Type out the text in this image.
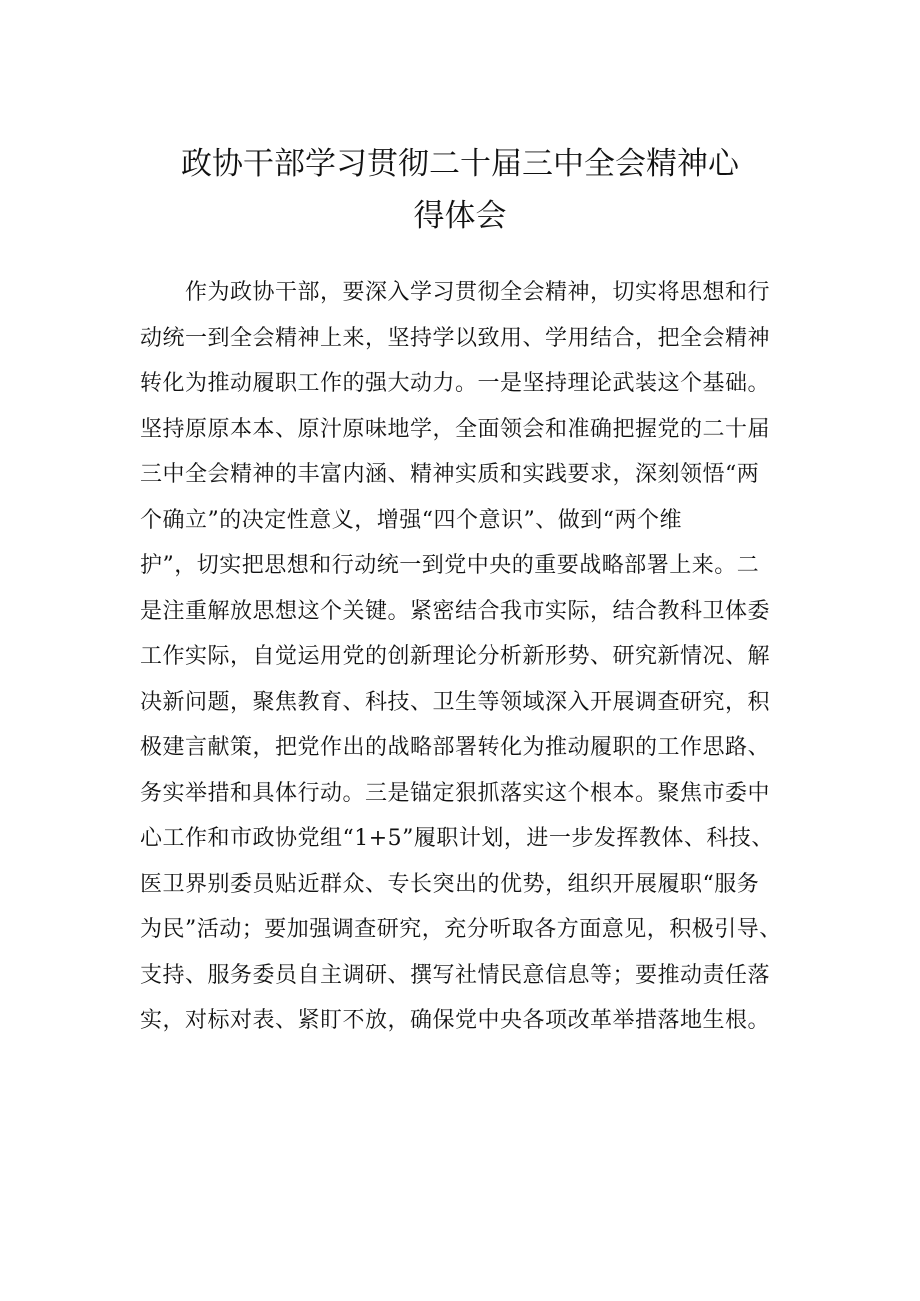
政协干部学习贯彻二十届三中全会精神心
得体会
　　作为政协干部，要深入学习贯彻全会精神，切实将思想和行
动统一到全会精神上来，坚持学以致用、学用结合，把全会精神
转化为推动履职工作的强大动力。一是坚持理论武装这个基础。
坚持原原本本、原汁原味地学，全面领会和准确把握党的二十届
三中全会精神的丰富内涵、精神实质和实践要求，深刻领悟“两
个确立”的决定性意义，增强“四个意识”、做到“两个维
护”，切实把思想和行动统一到党中央的重要战略部署上来。二
是注重解放思想这个关键。紧密结合我市实际，结合教科卫体委
工作实际，自觉运用党的创新理论分析新形势、研究新情况、解
决新问题，聚焦教育、科技、卫生等领域深入开展调查研究，积
极建言献策，把党作出的战略部署转化为推动履职的工作思路、
务实举措和具体行动。三是锚定狠抓落实这个根本。聚焦市委中
心工作和市政协党组“1+5”履职计划，进一步发挥教体、科技、
医卫界别委员贴近群众、专长突出的优势，组织开展履职“服务
为民”活动；要加强调查研究，充分听取各方面意见，积极引导、
支持、服务委员自主调研、撰写社情民意信息等；要推动责任落
实，对标对表、紧盯不放，确保党中央各项改革举措落地生根。
